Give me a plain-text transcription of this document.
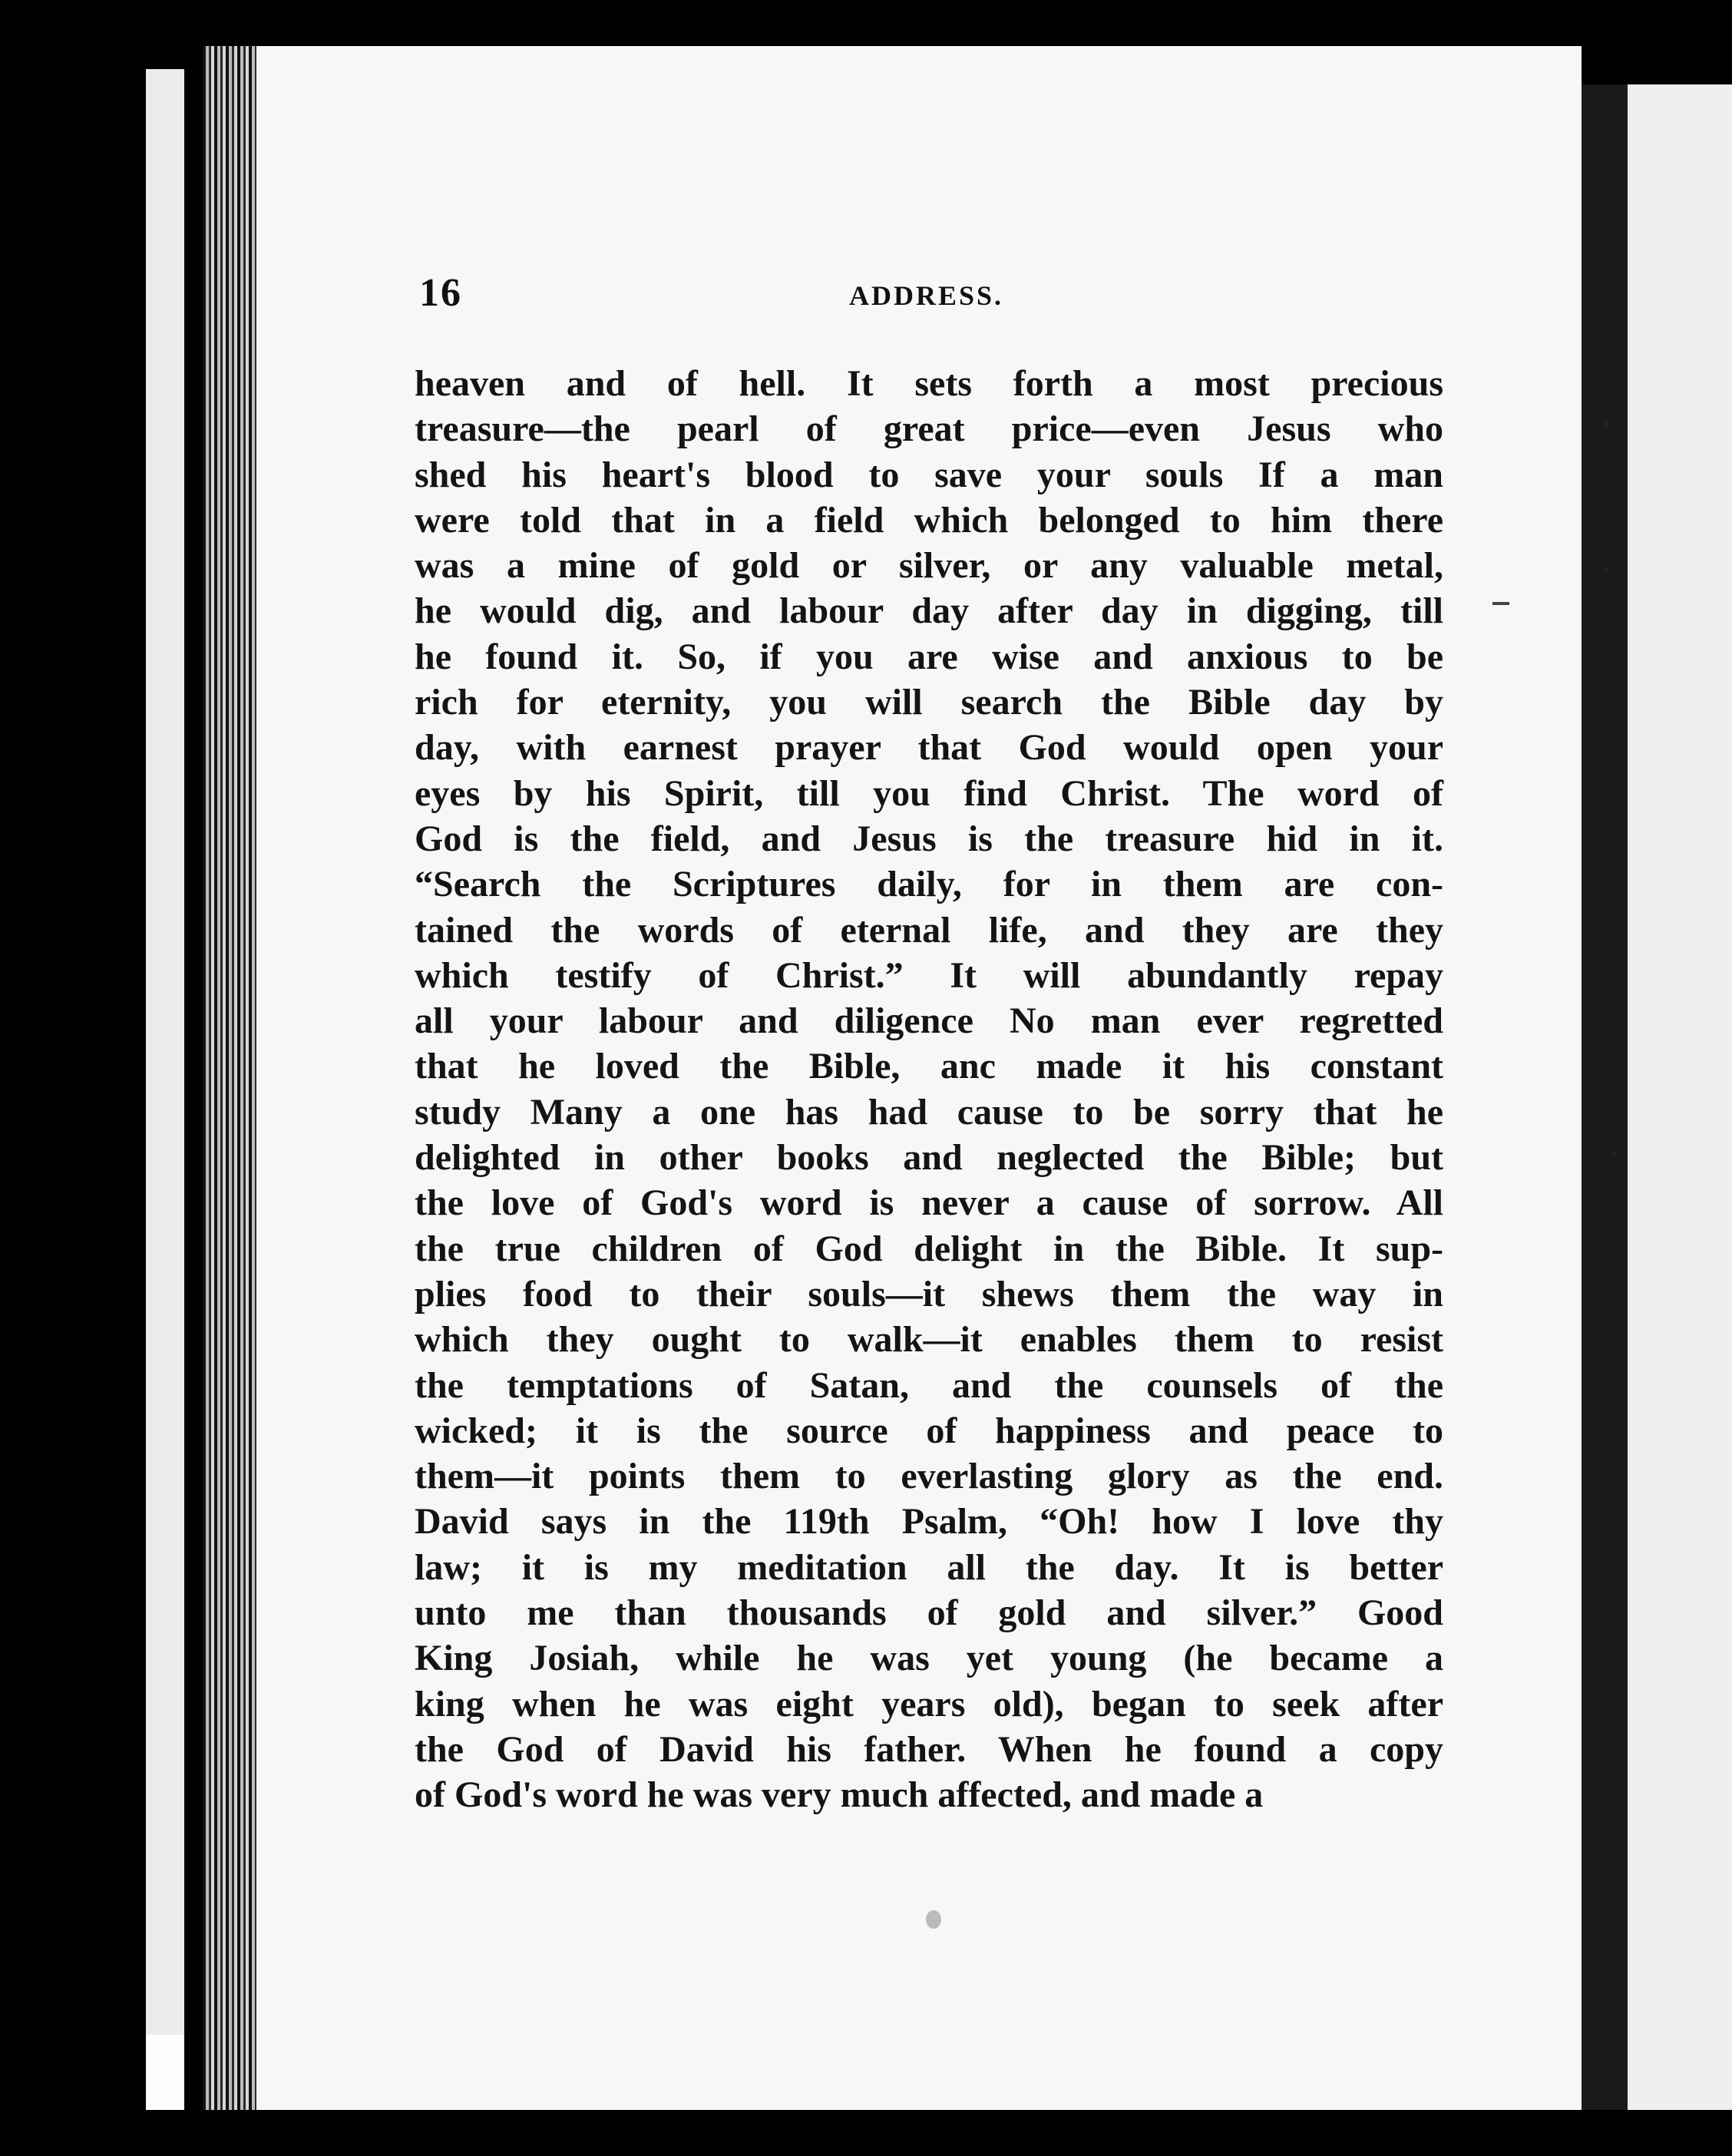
16	ADDRESS.
heaven and of hell. It sets forth a most precious
treasure—the pearl of great price—even Jesus who
shed his heart's blood to save your souls If a man
were told that in a field which belonged to him there
was a mine of gold or silver, or any valuable metal,
he would dig, and labour day after day in digging, till
he found it. So, if you are wise and anxious to be
rich for eternity, you will search the Bible day by
day, with earnest prayer that God would open your
eyes by his Spirit, till you find Christ. The word of
God is the field, and Jesus is the treasure hid in it.
“Search the Scriptures daily, for in them are con-
tained the words of eternal life, and they are they
which testify of Christ.” It will abundantly repay
all your labour and diligence No man ever regretted
that he loved the Bible, anc made it his constant
study Many a one has had cause to be sorry that he
delighted in other books and neglected the Bible; but
the love of God's word is never a cause of sorrow. All
the true children of God delight in the Bible. It sup-
plies food to their souls—it shews them the way in
which they ought to walk—it enables them to resist
the temptations of Satan, and the counsels of the
wicked; it is the source of happiness and peace to
them—it points them to everlasting glory as the end.
David says in the 119th Psalm, “Oh! how I love thy
law; it is my meditation all the day. It is better
unto me than thousands of gold and silver.” Good
King Josiah, while he was yet young (he became a
king when he was eight years old), began to seek after
the God of David his father. When he found a copy
of God's word he was very much affected, and made a
